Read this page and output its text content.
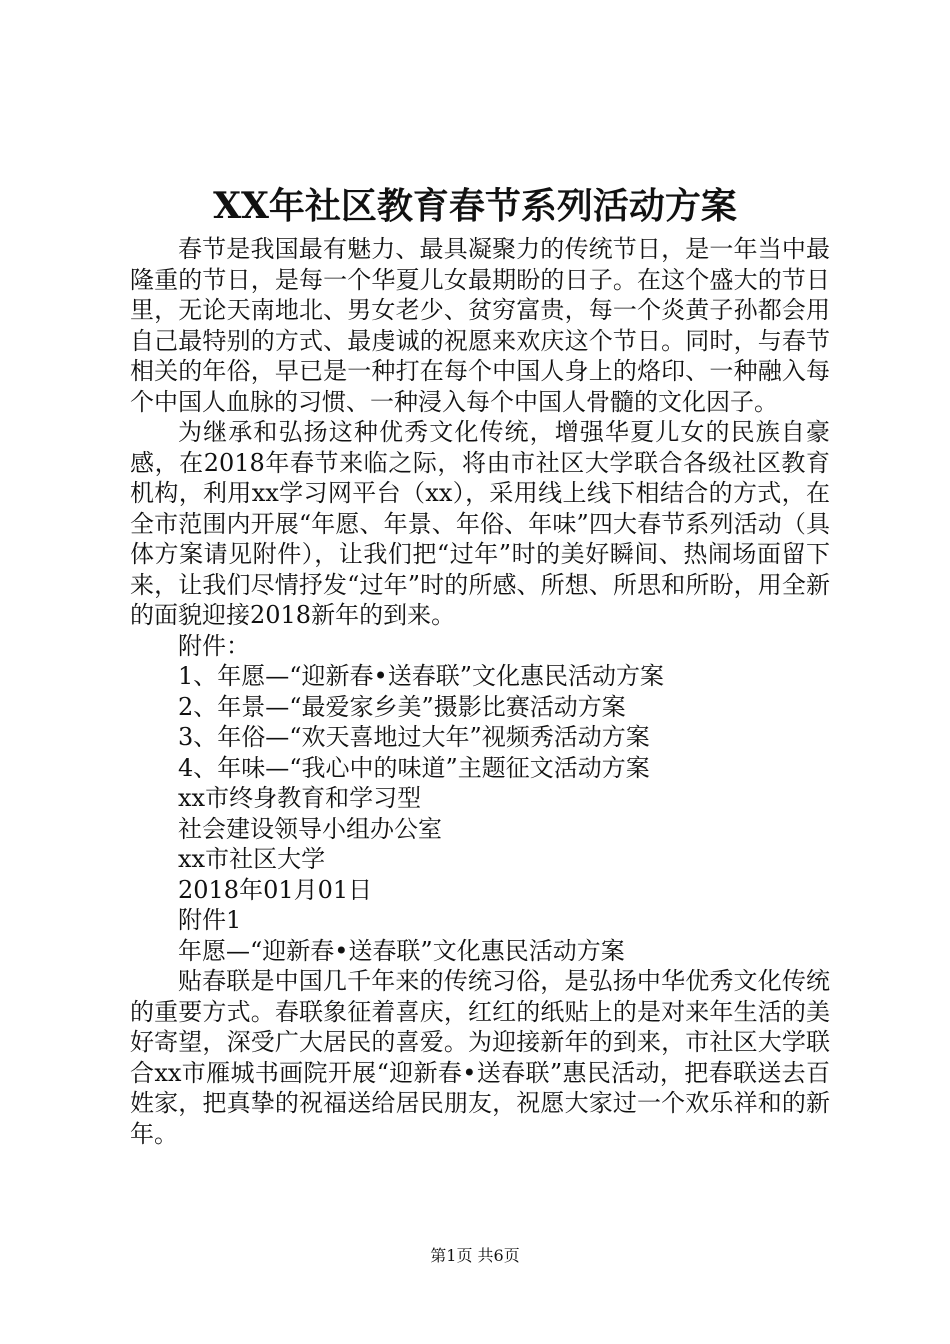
XX年社区教育春节系列活动方案

春节是我国最有魅力、最具凝聚力的传统节日，是一年当中最隆重的节日，是每一个华夏儿女最期盼的日子。在这个盛大的节日里，无论天南地北、男女老少、贫穷富贵，每一个炎黄子孙都会用自己最特别的方式、最虔诚的祝愿来欢庆这个节日。同时，与春节相关的年俗，早已是一种打在每个中国人身上的烙印、一种融入每个中国人血脉的习惯、一种浸入每个中国人骨髓的文化因子。

为继承和弘扬这种优秀文化传统，增强华夏儿女的民族自豪感，在2018年春节来临之际，将由市社区大学联合各级社区教育机构，利用xx学习网平台（xx），采用线上线下相结合的方式，在全市范围内开展“年愿、年景、年俗、年味”四大春节系列活动（具体方案请见附件），让我们把“过年”时的美好瞬间、热闹场面留下来，让我们尽情抒发“过年”时的所感、所想、所思和所盼，用全新的面貌迎接2018新年的到来。

附件：

1、年愿—“迎新春•送春联”文化惠民活动方案

2、年景—“最爱家乡美”摄影比赛活动方案

3、年俗—“欢天喜地过大年”视频秀活动方案

4、年味—“我心中的味道”主题征文活动方案

xx市终身教育和学习型

社会建设领导小组办公室

xx市社区大学

2018年01月01日

附件1

年愿—“迎新春•送春联”文化惠民活动方案

贴春联是中国几千年来的传统习俗，是弘扬中华优秀文化传统的重要方式。春联象征着喜庆，红红的纸贴上的是对来年生活的美好寄望，深受广大居民的喜爱。为迎接新年的到来，市社区大学联合xx市雁城书画院开展“迎新春•送春联”惠民活动，把春联送去百姓家，把真挚的祝福送给居民朋友，祝愿大家过一个欢乐祥和的新年。

第1页 共6页
